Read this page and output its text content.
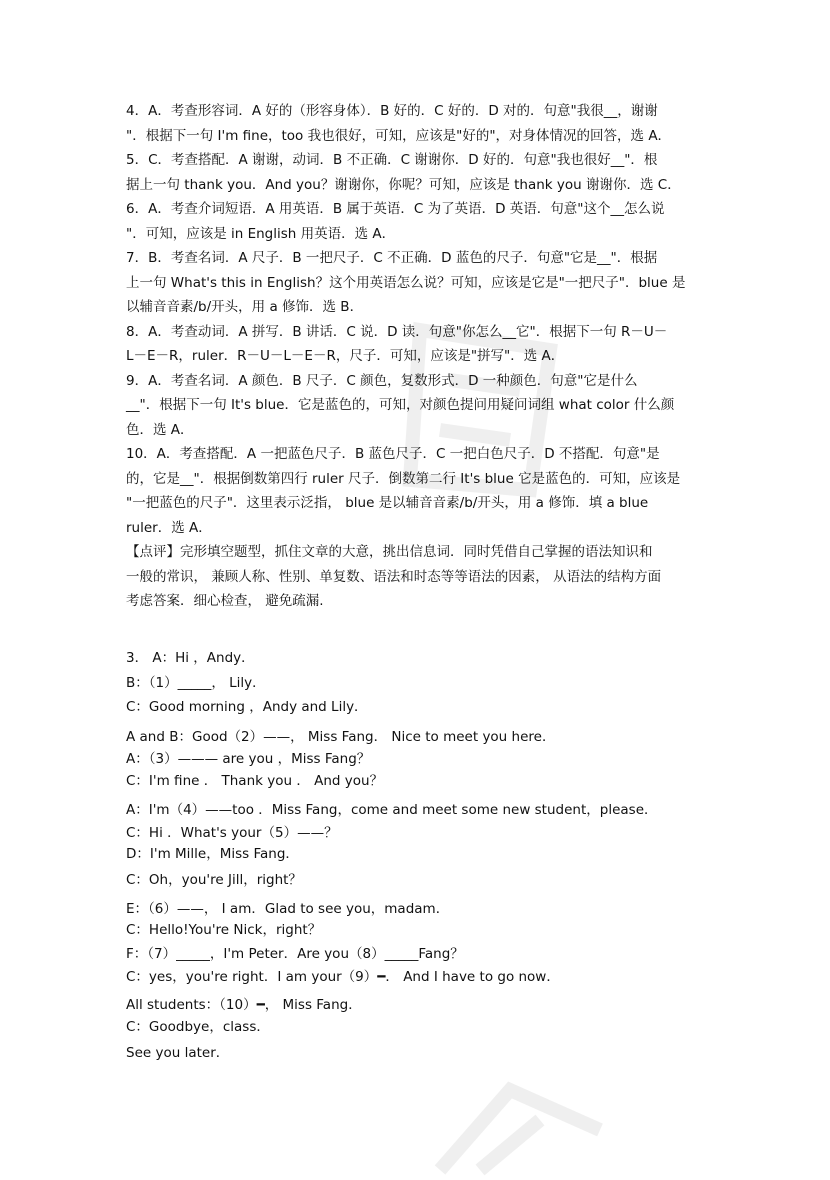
4．A．考查形容词．A 好的（形容身体）．B 好的．C 好的．D 对的．句意"我很__，谢谢

"．根据下一句 I'm fine，too 我也很好，可知，应该是"好的"，对身体情况的回答，选 A．

5．C．考查搭配．A 谢谢，动词．B 不正确．C 谢谢你．D 好的．句意"我也很好__"．根

据上一句 thank you．And you？谢谢你，你呢？可知，应该是 thank you 谢谢你．选 C．

6．A．考查介词短语．A 用英语．B 属于英语．C 为了英语．D 英语．句意"这个__怎么说

"．可知，应该是 in English 用英语．选 A．

7．B．考查名词．A 尺子．B 一把尺子．C 不正确．D 蓝色的尺子．句意"它是__"．根据

上一句 What's this in English？这个用英语怎么说？可知，应该是它是"一把尺子"．blue 是

以辅音音素/b/开头，用 a 修饰．选 B．

8．A．考查动词．A 拼写．B 讲话．C 说．D 读．句意"你怎么__它"．根据下一句 R－U－

L－E－R，ruler．R－U－L－E－R，尺子．可知，应该是"拼写"．选 A．

9．A．考查名词．A 颜色．B 尺子．C 颜色，复数形式．D 一种颜色．句意"它是什么

__"．根据下一句 It's blue．它是蓝色的，可知，对颜色提问用疑问词组 what color 什么颜

色．选 A．

10．A．考查搭配．A 一把蓝色尺子．B 蓝色尺子．C 一把白色尺子．D 不搭配．句意"是

的，它是__"．根据倒数第四行 ruler 尺子．倒数第二行 It's blue 它是蓝色的．可知，应该是

"一把蓝色的尺子"．这里表示泛指， blue 是以辅音音素/b/开头，用 a 修饰．填 a blue

ruler．选 A．

【点评】完形填空题型，抓住文章的大意，挑出信息词．同时凭借自己掌握的语法知识和

一般的常识， 兼顾人称、性别、单复数、语法和时态等等语法的因素， 从语法的结构方面

考虑答案．细心检查， 避免疏漏.

3． A：Hi ，Andy．

B：（1）_____， Lily．

C：Good morning ，Andy and Lily．

A and B：Good（2）——， Miss Fang． Nice to meet you here．

A：（3）——— are you ，Miss Fang？

C：I'm fine ． Thank you ． And you？

A：I'm（4）——too ．Miss Fang，come and meet some new student，please．

C：Hi ．What's your（5）——？

D：I'm Mille，Miss Fang．

C：Oh，you're Jill，right？

E：（6）——， I am．Glad to see you，madam．

C：Hello!You're Nick，right？

F：（7）_____，I'm Peter．Are you（8）_____Fang？

C：yes，you're right．I am your（9）━． And I have to go now．

All students：（10）━， Miss Fang．

C：Goodbye，class．

See you later．
